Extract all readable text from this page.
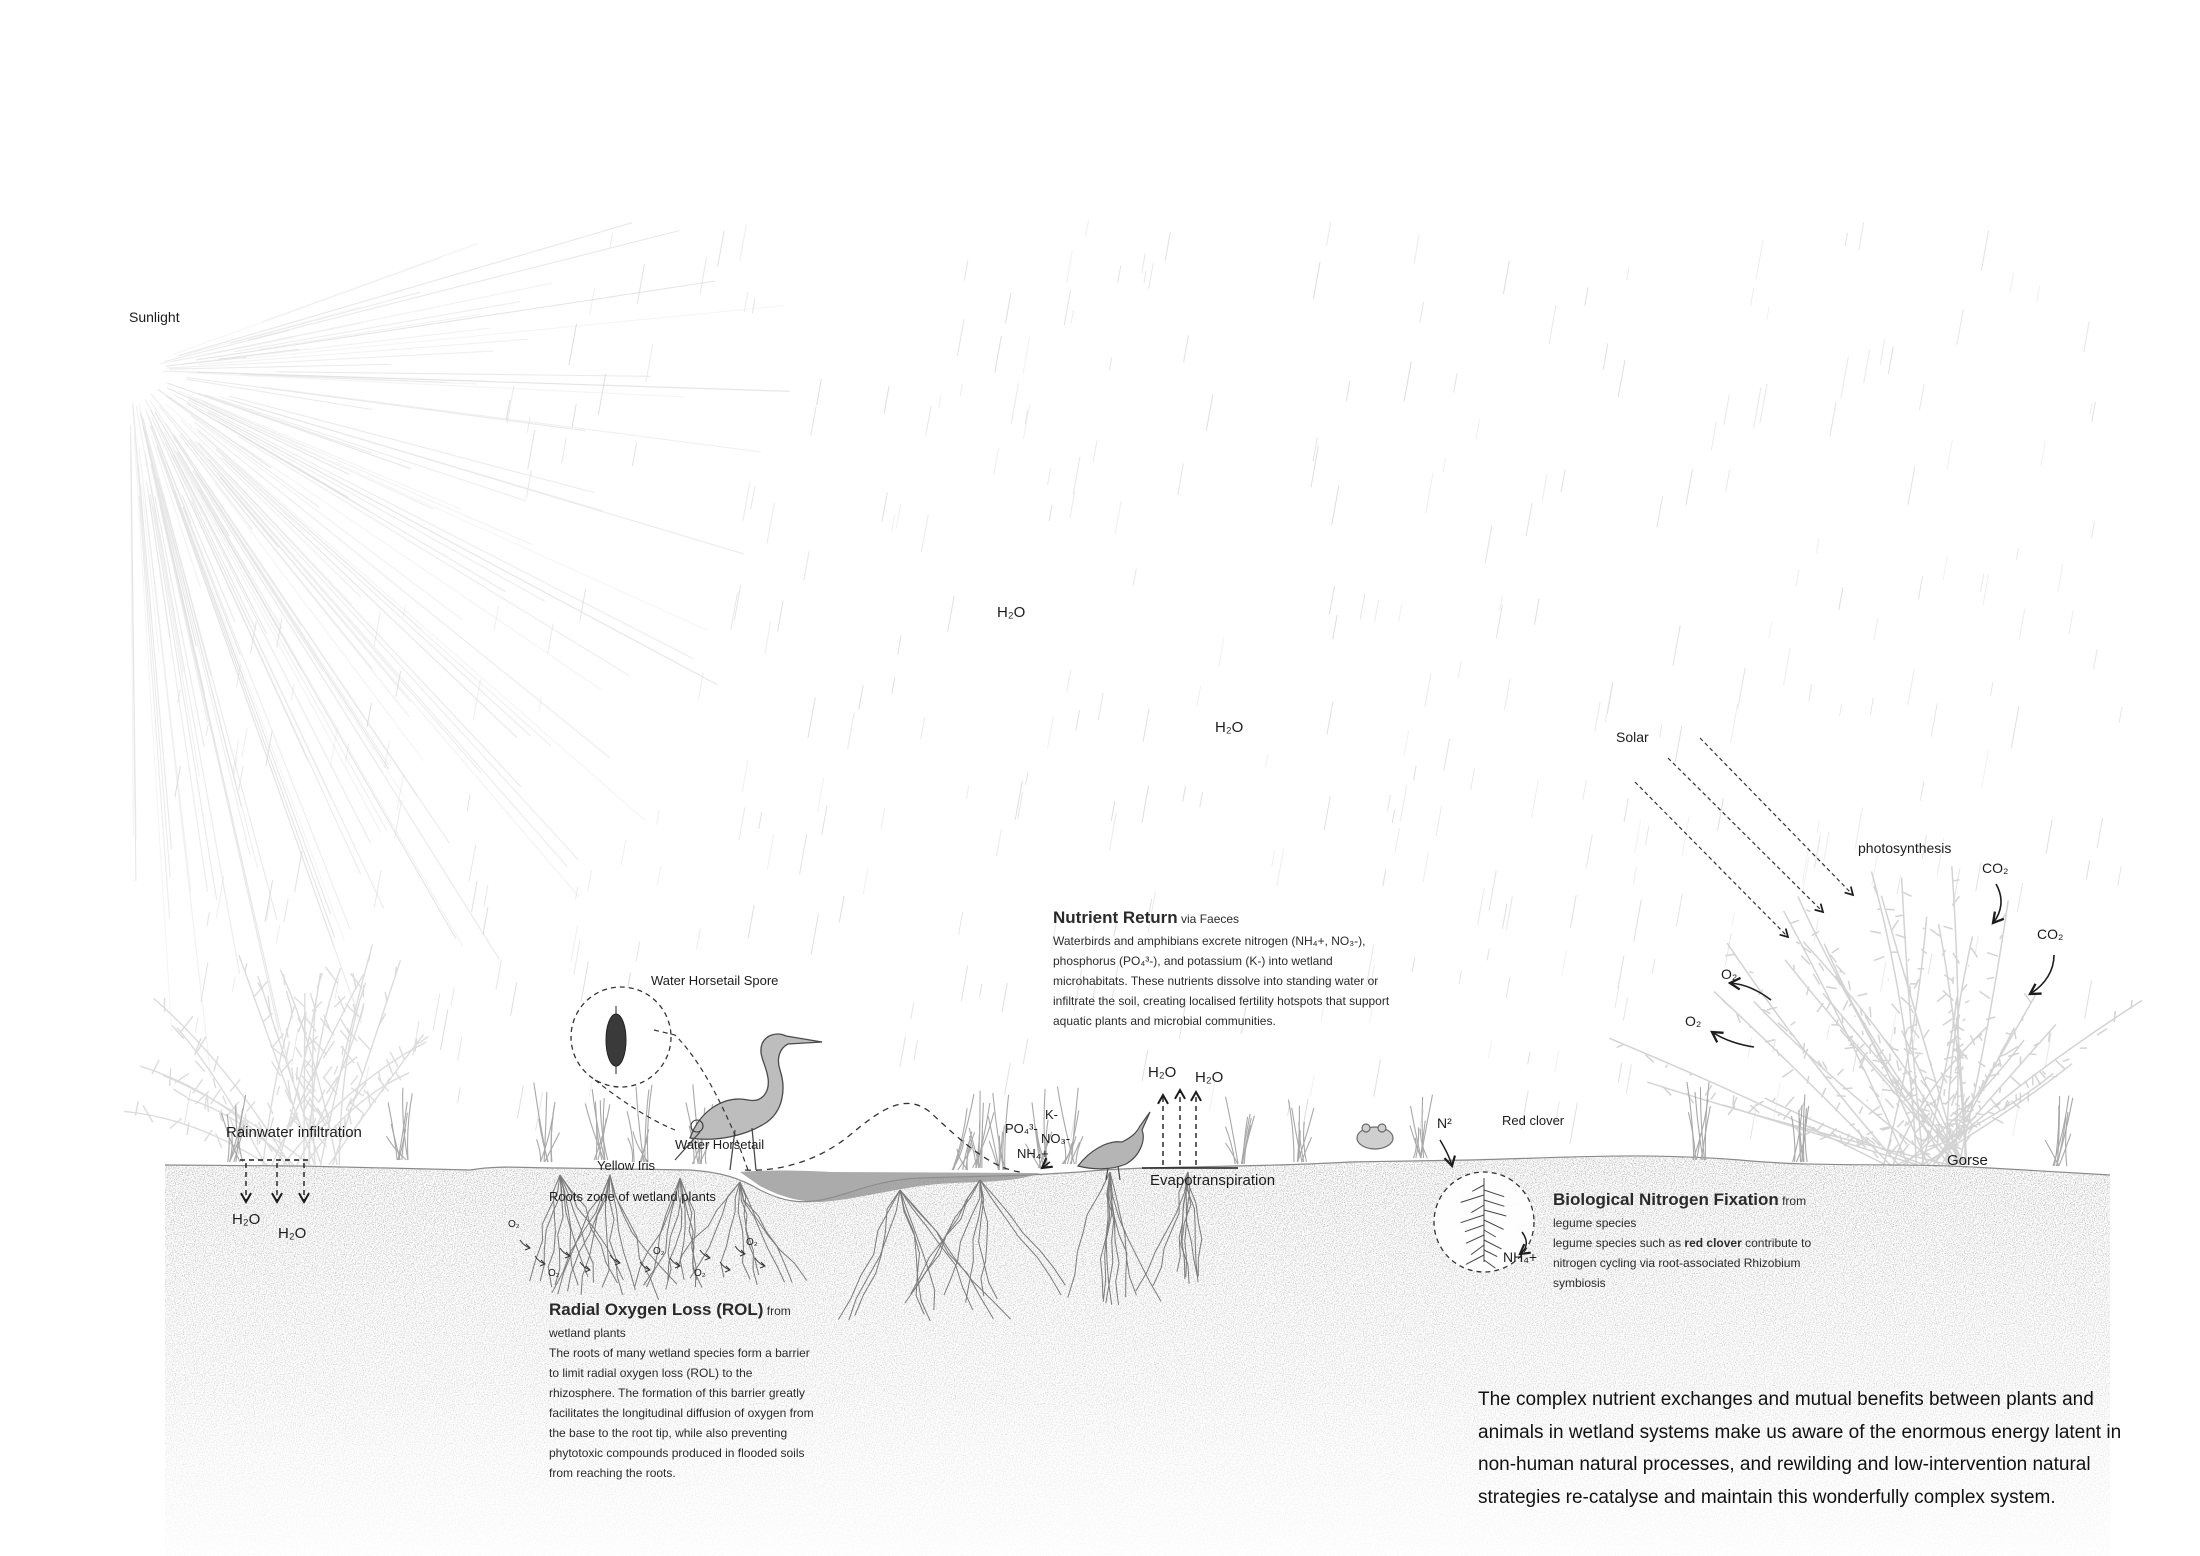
Sunlight
H₂O
H₂O
Solar
photosynthesis
CO₂
CO₂
O₂
O₂
Water Horsetail Spore
Water Horsetail
Yellow Iris
Roots zone of wetland plants
Rainwater infiltration
H₂O
H₂O
H₂O H₂O
Evapotranspiration
K-
PO₄³-
NO₃-
NH₄+
N²	Red clover
NH₄+
Gorse
O₂
O₂
O₂
O₂
O₂

Nutrient Return via Faeces

Waterbirds and amphibians excrete nitrogen (NH₄+, NO₃-),

phosphorus (PO₄³-), and potassium (K-) into wetland

microhabitats. These nutrients dissolve into standing water or

infiltrate the soil, creating localised fertility hotspots that support

aquatic plants and microbial communities.

Radial Oxygen Loss (ROL) from

wetland plants

The roots of many wetland species form a barrier

to limit radial oxygen loss (ROL) to the

rhizosphere. The formation of this barrier greatly

facilitates the longitudinal diffusion of oxygen from

the base to the root tip, while also preventing

phytotoxic compounds produced in flooded soils

from reaching the roots.

Biological Nitrogen Fixation from

legume species

legume species such as red clover contribute to

nitrogen cycling via root-associated Rhizobium

symbiosis

The complex nutrient exchanges and mutual benefits between plants and animals in wetland systems make us aware of the enormous energy latent in non-human natural processes, and rewilding and low-intervention natural strategies re-catalyse and maintain this wonderfully complex system.
